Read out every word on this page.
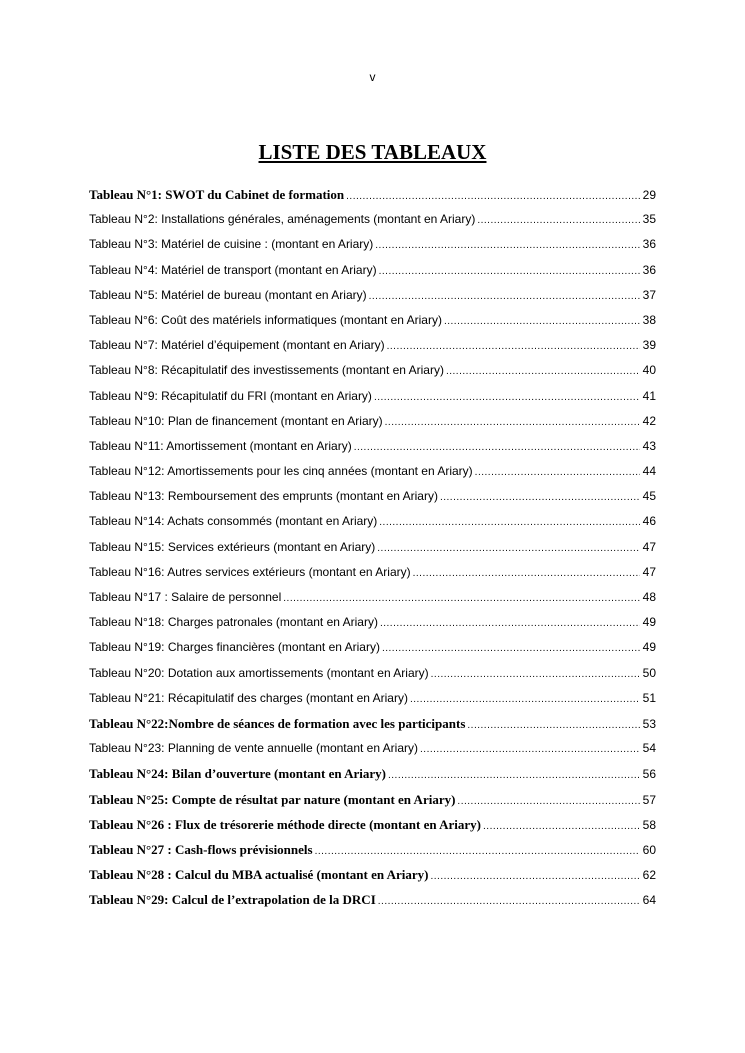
v
LISTE DES TABLEAUX
Tableau N°1: SWOT du Cabinet de formation .....	29
Tableau N°2: Installations générales, aménagements (montant en Ariary) .....	35
Tableau N°3: Matériel de cuisine : (montant en Ariary) .....	36
Tableau N°4: Matériel de transport (montant en Ariary) .....	36
Tableau N°5: Matériel de bureau (montant en Ariary) .....	37
Tableau N°6: Coût des matériels informatiques (montant en Ariary) .....	38
Tableau N°7: Matériel d’équipement (montant en Ariary) .....	39
Tableau N°8: Récapitulatif des investissements (montant en Ariary) .....	40
Tableau N°9: Récapitulatif du FRI (montant en Ariary) .....	41
Tableau N°10: Plan de financement (montant en Ariary) .....	42
Tableau N°11: Amortissement (montant en Ariary) .....	43
Tableau N°12: Amortissements pour les cinq années (montant en Ariary) .....	44
Tableau N°13: Remboursement des emprunts (montant en Ariary) .....	45
Tableau N°14: Achats consommés (montant en Ariary) .....	46
Tableau N°15: Services extérieurs (montant en Ariary) .....	47
Tableau N°16: Autres services extérieurs (montant en Ariary) .....	47
Tableau N°17 : Salaire de personnel .....	48
Tableau N°18: Charges patronales (montant en Ariary) .....	49
Tableau N°19: Charges financières (montant en Ariary) .....	49
Tableau N°20: Dotation aux amortissements (montant en Ariary) .....	50
Tableau N°21: Récapitulatif des charges (montant en Ariary) .....	51
Tableau N°22:Nombre de séances de formation avec les participants .....	53
Tableau N°23: Planning de vente annuelle (montant en Ariary) .....	54
Tableau N°24: Bilan d’ouverture (montant en Ariary) .....	56
Tableau N°25: Compte de résultat par nature (montant en Ariary) .....	57
Tableau N°26 : Flux de trésorerie méthode directe (montant en Ariary) .....	58
Tableau N°27 : Cash-flows prévisionnels .....	60
Tableau N°28 : Calcul du MBA actualisé (montant en Ariary) .....	62
Tableau N°29: Calcul de l’extrapolation de la DRCI .....	64
